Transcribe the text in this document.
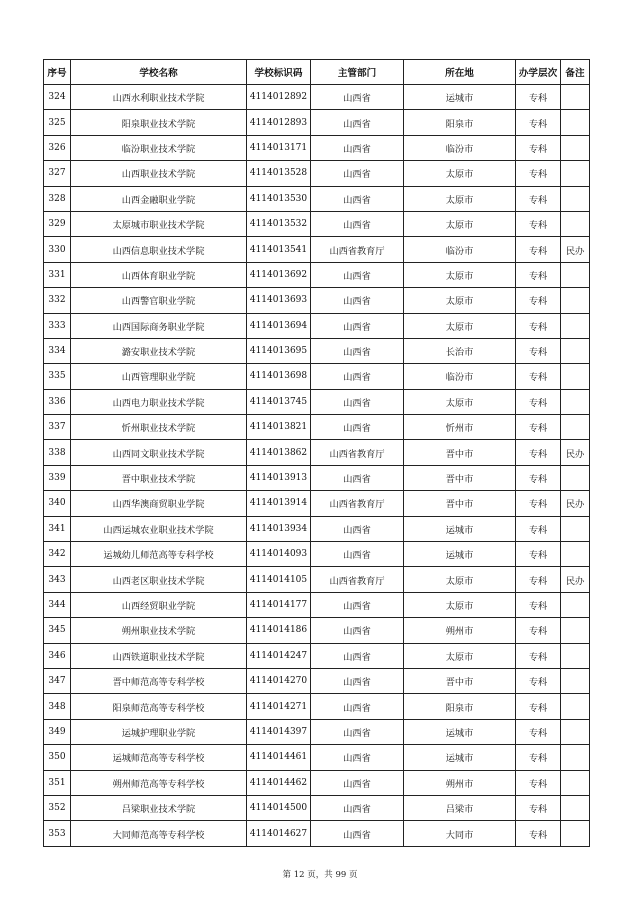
序号	学校名称	学校标识码	主管部门	所在地	办学层次	备注
324	山西水利职业技术学院	4114012892	山西省	运城市	专科	
325	阳泉职业技术学院	4114012893	山西省	阳泉市	专科	
326	临汾职业技术学院	4114013171	山西省	临汾市	专科	
327	山西职业技术学院	4114013528	山西省	太原市	专科	
328	山西金融职业学院	4114013530	山西省	太原市	专科	
329	太原城市职业技术学院	4114013532	山西省	太原市	专科	
330	山西信息职业技术学院	4114013541	山西省教育厅	临汾市	专科	民办
331	山西体育职业学院	4114013692	山西省	太原市	专科	
332	山西警官职业学院	4114013693	山西省	太原市	专科	
333	山西国际商务职业学院	4114013694	山西省	太原市	专科	
334	潞安职业技术学院	4114013695	山西省	长治市	专科	
335	山西管理职业学院	4114013698	山西省	临汾市	专科	
336	山西电力职业技术学院	4114013745	山西省	太原市	专科	
337	忻州职业技术学院	4114013821	山西省	忻州市	专科	
338	山西同文职业技术学院	4114013862	山西省教育厅	晋中市	专科	民办
339	晋中职业技术学院	4114013913	山西省	晋中市	专科	
340	山西华澳商贸职业学院	4114013914	山西省教育厅	晋中市	专科	民办
341	山西运城农业职业技术学院	4114013934	山西省	运城市	专科	
342	运城幼儿师范高等专科学校	4114014093	山西省	运城市	专科	
343	山西老区职业技术学院	4114014105	山西省教育厅	太原市	专科	民办
344	山西经贸职业学院	4114014177	山西省	太原市	专科	
345	朔州职业技术学院	4114014186	山西省	朔州市	专科	
346	山西铁道职业技术学院	4114014247	山西省	太原市	专科	
347	晋中师范高等专科学校	4114014270	山西省	晋中市	专科	
348	阳泉师范高等专科学校	4114014271	山西省	阳泉市	专科	
349	运城护理职业学院	4114014397	山西省	运城市	专科	
350	运城师范高等专科学校	4114014461	山西省	运城市	专科	
351	朔州师范高等专科学校	4114014462	山西省	朔州市	专科	
352	吕梁职业技术学院	4114014500	山西省	吕梁市	专科	
353	大同师范高等专科学校	4114014627	山西省	大同市	专科	
第 12 页，共 99 页
